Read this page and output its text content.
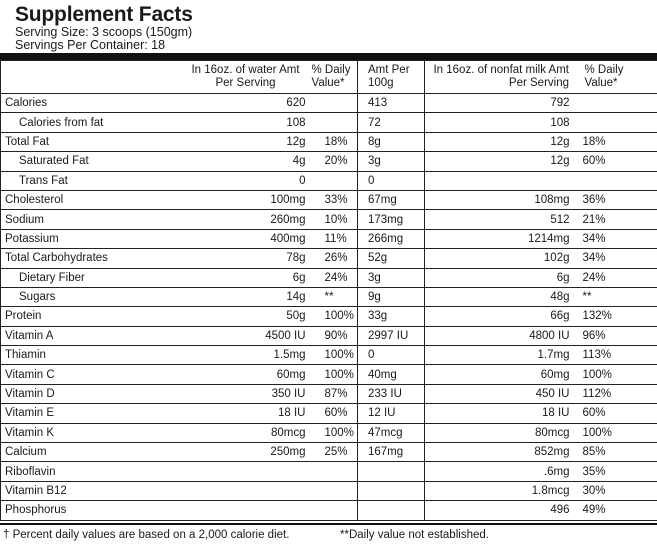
Supplement Facts
Serving Size: 3 scoops (150gm)
Servings Per Container: 18

	In 16oz. of water Amt Per Serving	% Daily Value*	Amt Per 100g	In 16oz. of nonfat milk Amt Per Serving	% Daily Value*

Calories	620		413	792	
Calories from fat	108		72	108	
Total Fat	12g	18%	8g	12g	18%
Saturated Fat	4g	20%	3g	12g	60%
Trans Fat	0		0		
Cholesterol	100mg	33%	67mg	108mg	36%
Sodium	260mg	10%	173mg	512	21%
Potassium	400mg	11%	266mg	1214mg	34%
Total Carbohydrates	78g	26%	52g	102g	34%
Dietary Fiber	6g	24%	3g	6g	24%
Sugars	14g	**	9g	48g	**
Protein	50g	100%	33g	66g	132%
Vitamin A	4500 IU	90%	2997 IU	4800 IU	96%
Thiamin	1.5mg	100%	0	1.7mg	113%
Vitamin C	60mg	100%	40mg	60mg	100%
Vitamin D	350 IU	87%	233 IU	450 IU	112%
Vitamin E	18 IU	60%	12 IU	18 IU	60%
Vitamin K	80mcg	100%	47mcg	80mcg	100%
Calcium	250mg	25%	167mg	852mg	85%
Riboflavin				.6mg	35%
Vitamin B12				1.8mcg	30%
Phosphorus				496	49%
† Percent daily values are based on a 2,000 calorie diet.	**Daily value not established.
